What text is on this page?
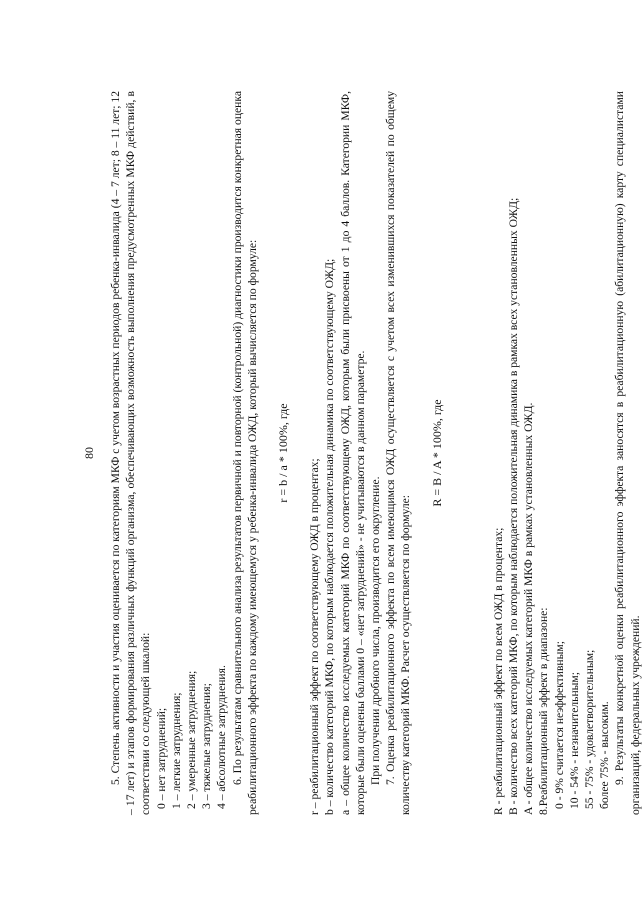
80 5. Степень активности и участия оценивается по категориям МКФ с учетом возрастных периодов ребенка-инвалида (4 – 7 лет; 8 – 11 лет; 12 – 17 лет) и этапов формирования различных функций организма, обеспечивающих возможность выполнения предусмотренных МКФ действий, в соответствии со следующей шкалой: 0 – нет затруднений; 1 – легкие затруднения; 2 – умеренные затруднения; 3 – тяжелые затруднения; 4 – абсолютные затруднения. 6. По результатам сравнительного анализа результатов первичной и повторной (контрольной) диагностики производится конкретная оценка реабилитационного эффекта по каждому имеющемуся у ребенка-инвалида ОЖД, который вычисляется по формуле: r = b / a * 100%, где

r – реабилитационный эффект по соответствующему ОЖД в процентах; b – количество категорий МКФ, по которым наблюдается положительная динамика по соответствующему ОЖД; a – общее количество исследуемых категорий МКФ по соответствующему ОЖД, которым были присвоены от 1 до 4 баллов. Категории МКФ, которые были оценены баллами 0 – «нет затруднений» - не учитываются в данном параметре. При получении дробного числа, производится его округление. 7. Оценка реабилитационного эффекта по всем имеющимся ОЖД осуществляется с учетом всех изменившихся показателей по общему количеству категорий МКФ. Расчет осуществляется по формуле:

R = B / A * 100%, где

R - реабилитационный эффект по всем ОЖД в процентах; B - количество всех категорий МКФ, по которым наблюдается положительная динамика в рамках всех установленных ОЖД; A - общее количество исследуемых категорий МКФ в рамках установленных ОЖД. 8.Реабилитационный эффект в диапазоне: 0 - 9% считается неэффективным; 10 - 54% - незначительным; 55 - 75% - удовлетворительным; более 75% - высоким. 9. Результаты конкретной оценки реабилитационного эффекта заносятся в реабилитационную (абилитационную) карту специалистами организаций, федеральных учреждений.
